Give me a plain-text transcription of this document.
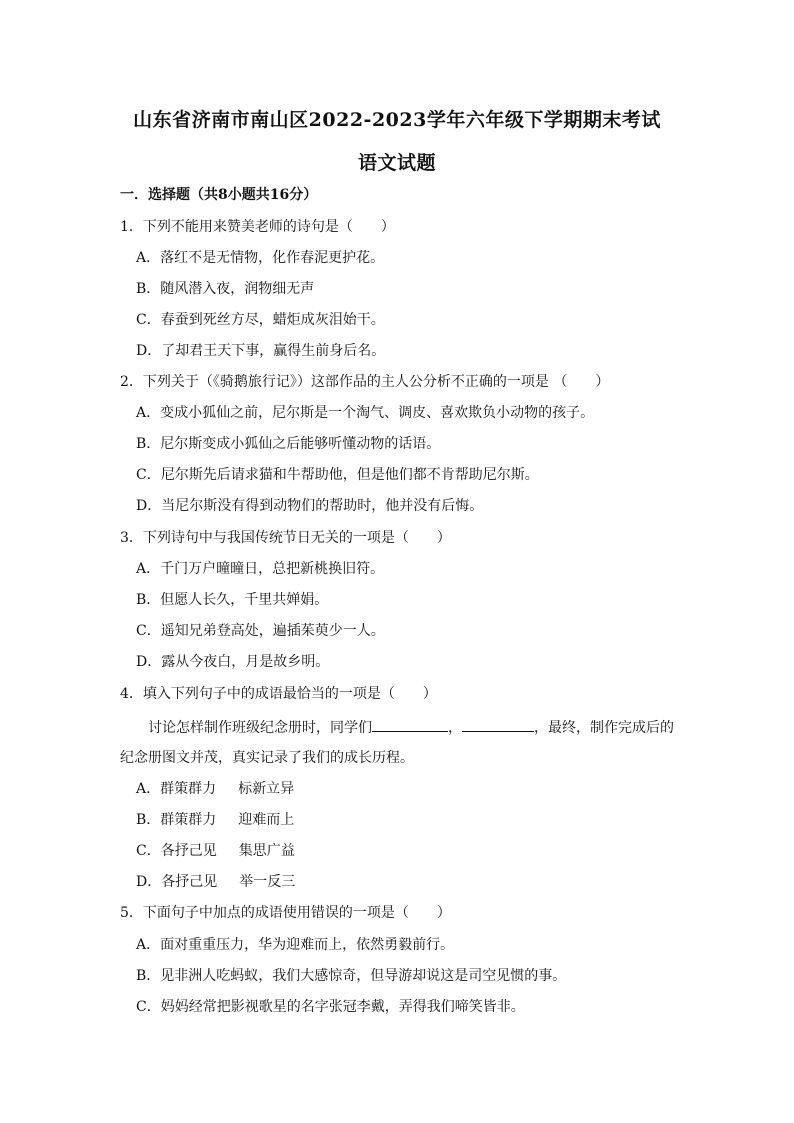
山东省济南市南山区2022-2023学年六年级下学期期末考试
语文试题
一．选择题（共8小题共16分）
1．下列不能用来赞美老师的诗句是（　　）
A．落红不是无情物，化作春泥更护花。
B．随风潜入夜，润物细无声
C．春蚕到死丝方尽，蜡炬成灰泪始干。
D．了却君王天下事，赢得生前身后名。
2．下列关于（《骑鹅旅行记》）这部作品的主人公分析不正确的一项是 （　　）
A．变成小狐仙之前，尼尔斯是一个淘气、调皮、喜欢欺负小动物的孩子。
B．尼尔斯变成小狐仙之后能够听懂动物的话语。
C．尼尔斯先后请求猫和牛帮助他，但是他们都不肯帮助尼尔斯。
D．当尼尔斯没有得到动物们的帮助时，他并没有后悔。
3．下列诗句中与我国传统节日无关的一项是（　　）
A．千门万户曈曈日，总把新桃换旧符。
B．但愿人长久，千里共婵娟。
C．遥知兄弟登高处，遍插茱萸少一人。
D．露从今夜白，月是故乡明。
4．填入下列句子中的成语最恰当的一项是（　　）
讨论怎样制作班级纪念册时，同学们	，	，最终，制作完成后的
纪念册图文并茂，真实记录了我们的成长历程。
A．群策群力 标新立异
B．群策群力 迎难而上
C．各抒己见 集思广益
D．各抒己见 举一反三
5．下面句子中加点的成语使用错误的一项是（　　）
A．面对重重压力，华为迎难而上，依然勇毅前行。
B．见非洲人吃蚂蚁，我们大感惊奇，但导游却说这是司空见惯的事。
C．妈妈经常把影视歌星的名字张冠李戴，弄得我们啼笑皆非。
